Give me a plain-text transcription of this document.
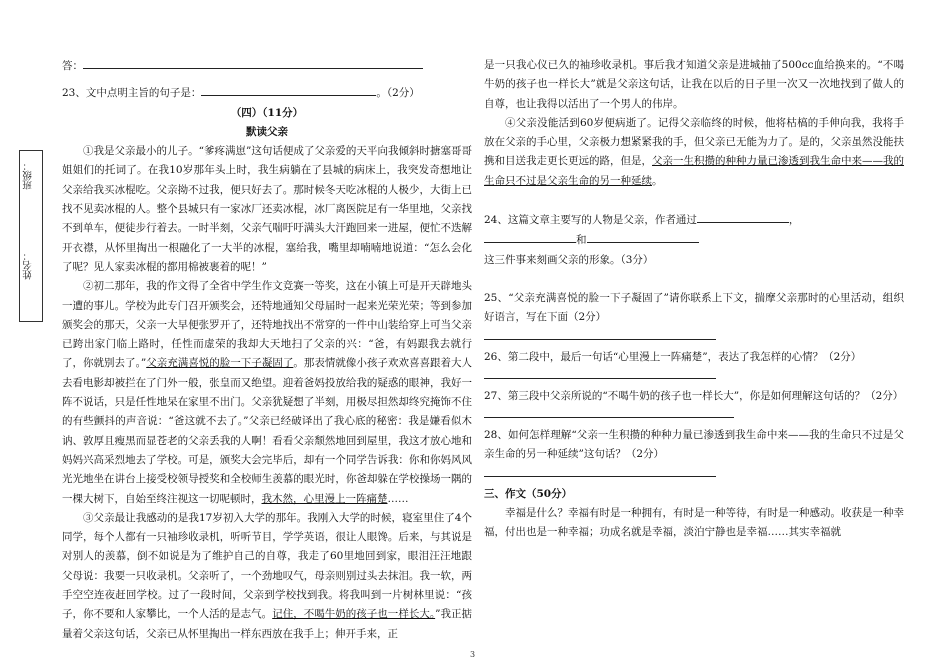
姓名：
班级：

答：

23、文中点明主旨的句子是：	。（2分）

（四）（11分）

默读父亲

①我是父亲最小的儿子。“爹疼满崽”这句话便成了父亲爱的天平向我倾斜时搪塞哥哥姐姐们的托词了。在我10岁那年头上时，我生病躺在了县城的病床上，我突发奇想地让父亲给我买冰棍吃。父亲拗不过我，便只好去了。那时候冬天吃冰棍的人极少，大街上已找不见卖冰棍的人。整个县城只有一家冰厂还卖冰棍，冰厂离医院足有一华里地，父亲找不到单车，便徒步行着去。一时半刻，父亲气喘吁吁满头大汗跑回来一进屋，便忙不迭解开衣襟，从怀里掏出一根融化了一大半的冰棍，塞给我，嘴里却喃喃地说道：“怎么会化了呢？见人家卖冰棍的都用棉被裹着的呢！”

②初二那年，我的作文得了全省中学生作文竞赛一等奖，这在小镇上可是开天辟地头一遭的事儿。学校为此专门召开颁奖会，还特地通知父母届时一起来光荣光荣；等到参加颁奖会的那天，父亲一大早便张罗开了，还特地找出不常穿的一件中山装给穿上可当父亲已跨出家门临上路时，任性而虚荣的我却大天地扫了父亲的兴：“爸，有妈跟我去就行了，你就别去了。”父亲充满喜悦的脸一下子凝固了。那表情就像小孩子欢欢喜喜跟着大人去看电影却被拦在了门外一般，张皇而又绝望。迎着爸妈投放给我的疑惑的眼神，我好一阵不说话，只是任性地呆在家里不出门。父亲犹疑想了半刻，用极尽担然却终究掩饰不住的有些颤抖的声音说：“爸这就不去了。”父亲已经破译出了我心底的秘密：我是嫌看似木讷、敦厚且瘦黑而显苍老的父亲丢我的人啊！看看父亲颓然地回到屋里，我这才放心地和妈妈兴高采烈地去了学校。可是，颁奖大会完毕后，却有一个同学告诉我：你和你妈风风光光地坐在讲台上接受校领导授奖和全校师生羡慕的眼光时，你爸却躲在学校操场一隅的一棵大树下，自始至终注视这一切呢顿时，我木然，心里漫上一阵痛楚……

③父亲最让我感动的是我17岁初入大学的那年。我刚入大学的时候，寝室里住了4个同学，每个人都有一只袖珍收录机，听听节目，学学英语，很让人眼馋。后来，与其说是对别人的羡慕，倒不如说是为了维护自己的自尊，我走了60里地回到家，眼泪汪汪地跟父母说：我要一只收录机。父亲听了，一个劲地叹气，母亲则别过头去抹泪。我一软，两手空空连夜赶回学校。过了一段时间，父亲到学校找到我。将我叫到一片树林里说：“孩子，你不要和人家攀比，一个人活的是志气。记住，不喝牛奶的孩子也一样长大。”我正掂量着父亲这句话，父亲已从怀里掏出一样东西放在我手上；伸开手来，正

是一只我心仪已久的袖珍收录机。事后我才知道父亲是进城抽了500cc血给换来的。“不喝牛奶的孩子也一样长大”就是父亲这句话，让我在以后的日子里一次又一次地找到了做人的自尊，也让我得以活出了一个男人的伟岸。

④父亲没能活到60岁便病逝了。记得父亲临终的时候，他将枯槁的手伸向我，我将手放在父亲的手心里，父亲极力想紧紧我的手，但父亲已无能为力了。是的，父亲虽然没能扶携和目送我走更长更远的路，但是，父亲一生积攒的种种力量已渗透到我生命中来——我的生命只不过是父亲生命的另一种延续。

24、这篇文章主要写的人物是父亲，作者通过	，

和

这三件事来刻画父亲的形象。（3分）

25、“父亲充满喜悦的脸一下子凝固了”请你联系上下文，揣摩父亲那时的心里活动，组织好语言，写在下面（2分）

26、第二段中，最后一句话“心里漫上一阵痛楚”，表达了我怎样的心情？（2分）

27、第三段中父亲所说的“不喝牛奶的孩子也一样长大”，你是如何理解这句话的？（2分）

28、如何怎样理解“父亲一生积攒的种种力量已渗透到我生命中来——我的生命只不过是父亲生命的另一种延续”这句话？（2分）

三、作文（50分）

幸福是什么？幸福有时是一种拥有，有时是一种等待，有时是一种感动。收获是一种幸福，付出也是一种幸福；功成名就是幸福，淡泊宁静也是幸福……其实幸福就

3
